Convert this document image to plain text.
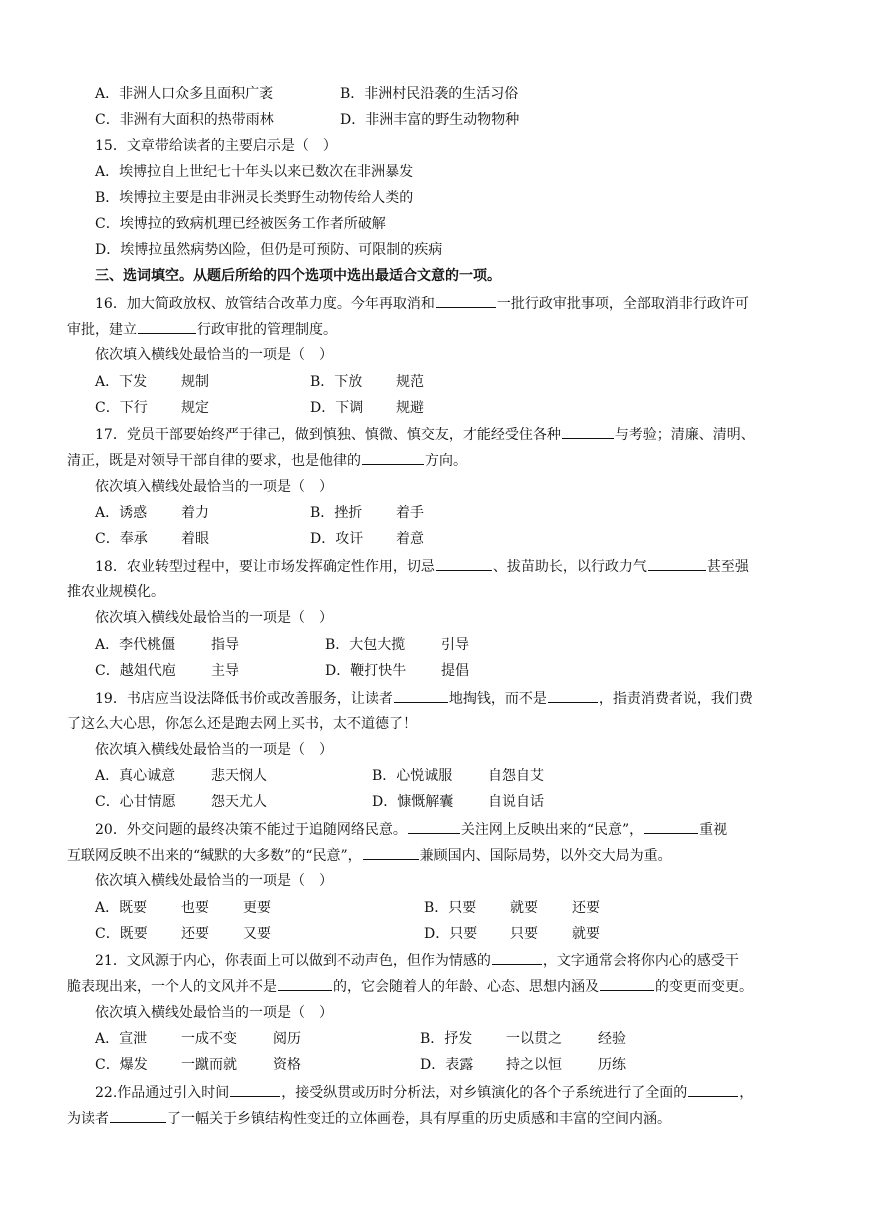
A．非洲人口众多且面积广袤	B．非洲村民沿袭的生活习俗
C．非洲有大面积的热带雨林	D．非洲丰富的野生动物物种
15．文章带给读者的主要启示是（　）
A．埃博拉自上世纪七十年头以来已数次在非洲暴发
B．埃博拉主要是由非洲灵长类野生动物传给人类的
C．埃博拉的致病机理已经被医务工作者所破解
D．埃博拉虽然病势凶险，但仍是可预防、可限制的疾病
三、选词填空。从题后所给的四个选项中选出最适合文意的一项。
16．加大简政放权、放管结合改革力度。今年再取消和	一批行政审批事项，全部取消非行政许可
审批，建立	行政审批的管理制度。
依次填入横线处最恰当的一项是（　）
A．下发 规制	B．下放 规范
C．下行 规定	D．下调 规避
17．党员干部要始终严于律己，做到慎独、慎微、慎交友，才能经受住各种	与考验；清廉、清明、
清正，既是对领导干部自律的要求，也是他律的	方向。
依次填入横线处最恰当的一项是（　）
A．诱惑 着力	B．挫折 着手
C．奉承 着眼	D．攻讦 着意
18．农业转型过程中，要让市场发挥确定性作用，切忌	、拔苗助长，以行政力气	甚至强
推农业规模化。
依次填入横线处最恰当的一项是（　）
A．李代桃僵	指导	B．大包大揽	引导
C．越俎代庖	主导	D．鞭打快牛 提倡
19．书店应当设法降低书价或改善服务，让读者	地掏钱，而不是	，指责消费者说，我们费
了这么大心思，你怎么还是跑去网上买书，太不道德了！
依次填入横线处最恰当的一项是（　）
A．真心诚意	悲天悯人	B．心悦诚服	自怨自艾
C．心甘情愿	怨天尤人	D．慷慨解囊 自说自话
20．外交问题的最终决策不能过于追随网络民意。	关注网上反映出来的“民意”，	重视
互联网反映不出来的“缄默的大多数”的“民意”，	兼顾国内、国际局势，以外交大局为重。
依次填入横线处最恰当的一项是（　）
A．既要 也要 更要	B．只要 就要 还要
C．既要 还要 又要	D．只要 只要 就要
21．文风源于内心，你表面上可以做到不动声色，但作为情感的	，文字通常会将你内心的感受干
脆表现出来，一个人的文风并不是	的，它会随着人的年龄、心态、思想内涵及	的变更而变更。
依次填入横线处最恰当的一项是（　）
A．宣泄 一成不变	阅历	B．抒发 一以贯之	经验
C．爆发 一蹴而就	资格	D．表露 持之以恒	历练
22.作品通过引入时间	，接受纵贯或历时分析法，对乡镇演化的各个子系统进行了全面的	，
为读者	了一幅关于乡镇结构性变迁的立体画卷，具有厚重的历史质感和丰富的空间内涵。
